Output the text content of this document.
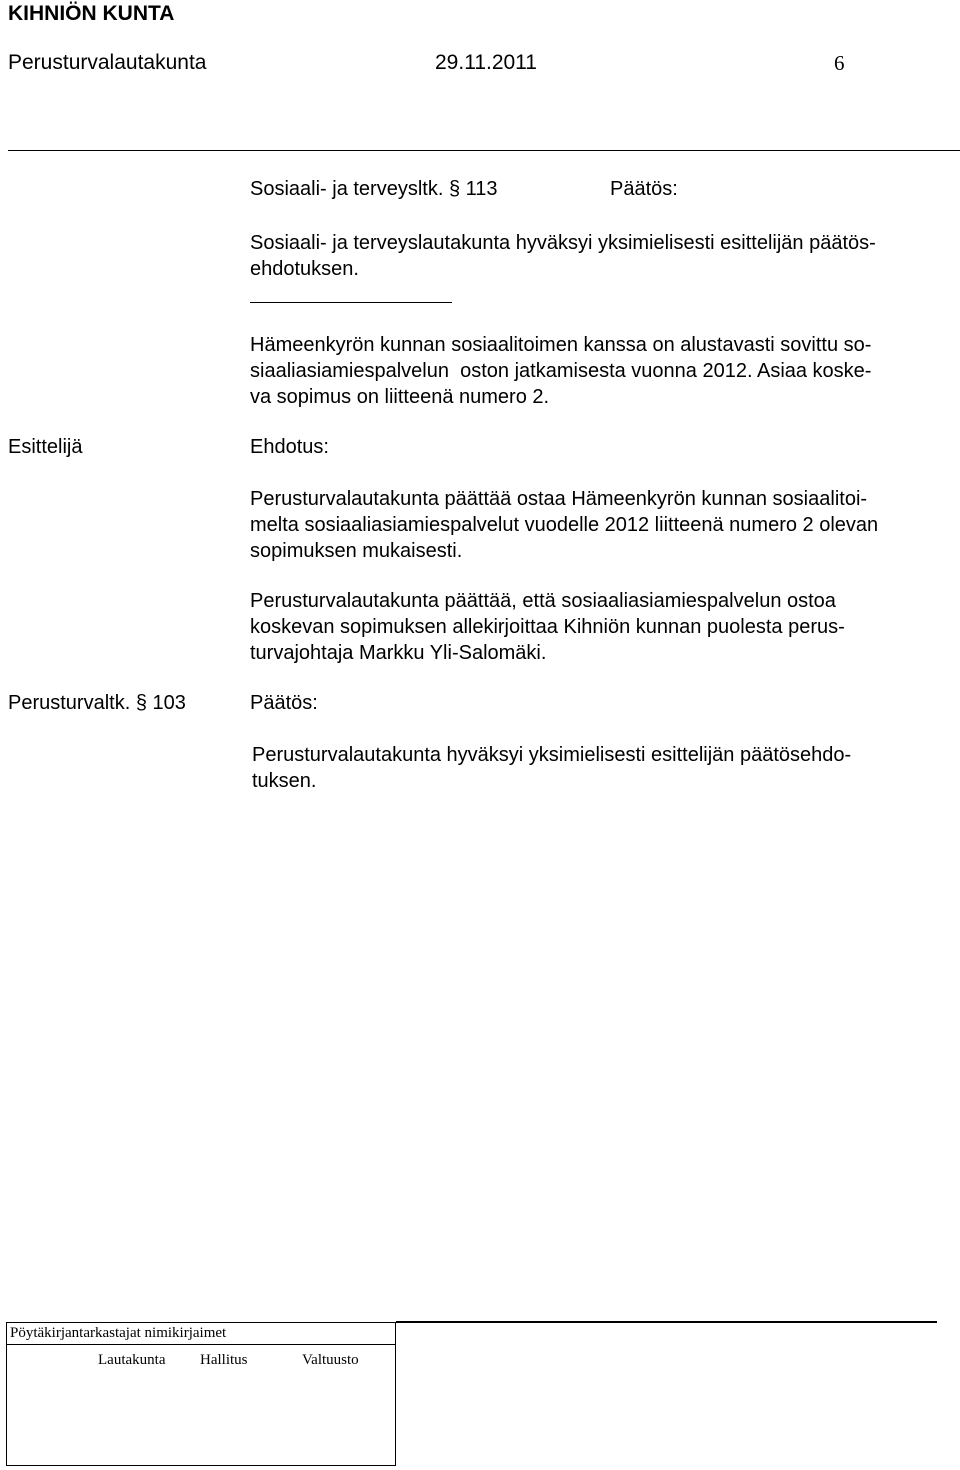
KIHNIÖN KUNTA
Perusturvalautakunta	29.11.2011	6
Sosiaali- ja terveysltk. § 113	Päätös:
Sosiaali- ja terveyslautakunta hyväksyi yksimielisesti esittelijän päätös-
ehdotuksen.
Hämeenkyrön kunnan sosiaalitoimen kanssa on alustavasti sovittu so-
siaaliasiamiespalvelun  oston jatkamisesta vuonna 2012. Asiaa koske-
va sopimus on liitteenä numero 2.
Esittelijä	Ehdotus:
Perusturvalautakunta päättää ostaa Hämeenkyrön kunnan sosiaalitoi-
melta sosiaaliasiamiespalvelut vuodelle 2012 liitteenä numero 2 olevan
sopimuksen mukaisesti.
Perusturvalautakunta päättää, että sosiaaliasiamiespalvelun ostoa
koskevan sopimuksen allekirjoittaa Kihniön kunnan puolesta perus-
turvajohtaja Markku Yli-Salomäki.
Perusturvaltk. § 103	Päätös:
Perusturvalautakunta hyväksyi yksimielisesti esittelijän päätösehdo-
tuksen.
Pöytäkirjantarkastajat nimikirjaimet
Lautakunta Hallitus	Valtuusto
